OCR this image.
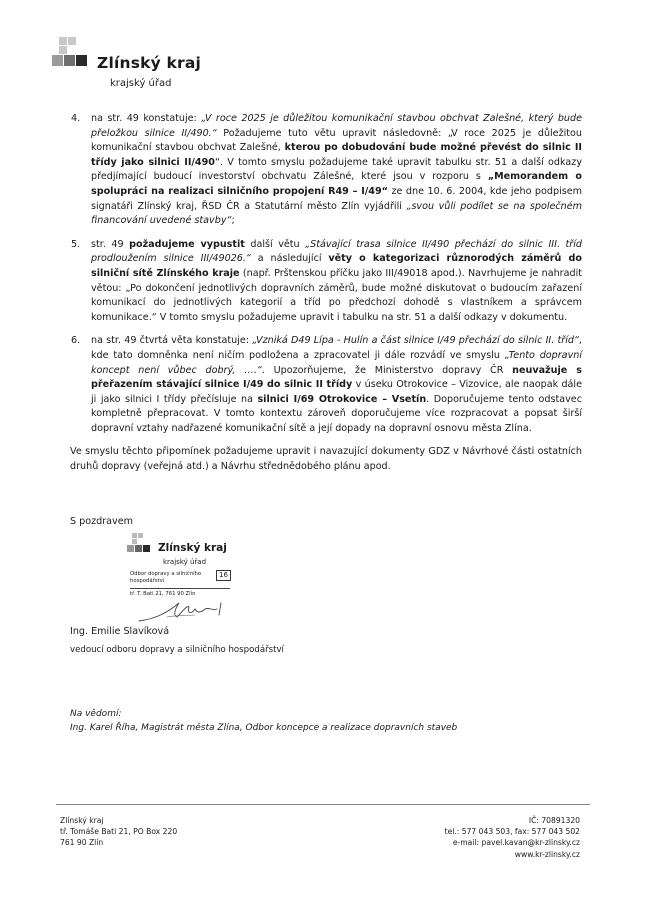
Zlínský kraj
krajský úřad
4. na str. 49 konstatuje: „V roce 2025 je důležitou komunikační stavbou obchvat Zalešné, který bude přeložkou silnice II/490.“ Požadujeme tuto větu upravit následovně: „V roce 2025 je důležitou komunikační stavbou obchvat Zalešné, kterou po dobudování bude možné převést do silnic II třídy jako silnici II/490“. V tomto smyslu požadujeme také upravit tabulku str. 51 a další odkazy předjímající budoucí investorství obchvatu Zálešné, které jsou v rozporu s „Memorandem o spolupráci na realizaci silničního propojení R49 – I/49“ ze dne 10. 6. 2004, kde jeho podpisem signatáři Zlínský kraj, ŘSD ČR a Statutární město Zlín vyjádřili „svou vůli podílet se na společném financování uvedené stavby“;
5. str. 49 požadujeme vypustit další větu „Stávající trasa silnice II/490 přechází do silnic III. tříd prodloužením silnice III/49026.“ a následující věty o kategorizaci různorodých záměrů do silniční sítě Zlínského kraje (např. Prštenskou příčku jako III/49018 apod.). Navrhujeme je nahradit větou: „Po dokončení jednotlivých dopravních záměrů, bude možné diskutovat o budoucím zařazení komunikací do jednotlivých kategorií a tříd po předchozí dohodě s vlastníkem a správcem komunikace.“ V tomto smyslu požadujeme upravit i tabulku na str. 51 a další odkazy v dokumentu.
6. na str. 49 čtvrtá věta konstatuje: „Vzniká D49 Lípa - Hulín a část silnice I/49 přechází do silnic II. tříd“, kde tato domněnka není ničím podložena a zpracovatel ji dále rozvádí ve smyslu „Tento dopravní koncept není vůbec dobrý, ….“. Upozorňujeme, že Ministerstvo dopravy ČR neuvažuje s přeřazením stávající silnice I/49 do silnic II třídy v úseku Otrokovice – Vizovice, ale naopak dále ji jako silnici I třídy přečísluje na silnici I/69 Otrokovice – Vsetín. Doporučujeme tento odstavec kompletně přepracovat. V tomto kontextu zároveň doporučujeme více rozpracovat a popsat širší dopravní vztahy nadřazené komunikační sítě a její dopady na dopravní osnovu města Zlína.
Ve smyslu těchto připomínek požadujeme upravit i navazující dokumenty GDZ v Návrhové části ostatních druhů dopravy (veřejná atd.) a Návrhu střednědobého plánu apod.
S pozdravem
Zlínský kraj
krajský úřad
Odbor dopravy a silničního
hospodářství
16
tř. T. Bati 21, 761 90 Zlín
Ing. Emilie Slavíková
vedoucí odboru dopravy a silničního hospodářství
Na vědomí:
Ing. Karel Říha, Magistrát města Zlína, Odbor koncepce a realizace dopravních staveb
Zlínský kraj
tř. Tomáše Bati 21, PO Box 220
761 90 Zlín
IČ: 70891320
tel.: 577 043 503, fax: 577 043 502
e-mail: pavel.kavan@kr-zlinsky.cz
www.kr-zlinsky.cz
